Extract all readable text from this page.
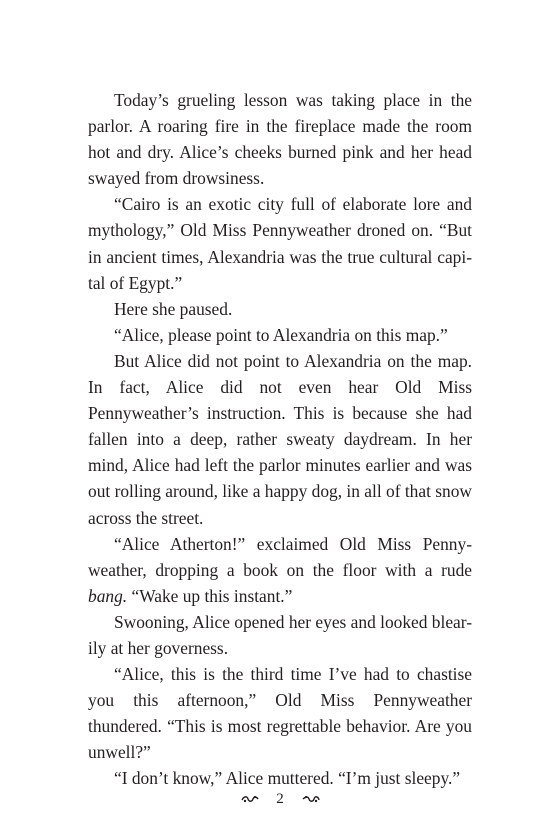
Today’s grueling lesson was taking place in the parlor. A roaring fire in the fireplace made the room hot and dry. Alice’s cheeks burned pink and her head swayed from drowsiness.

“Cairo is an exotic city full of elaborate lore and mythology,” Old Miss Pennyweather droned on. “But in ancient times, Alexandria was the true cultural capi-tal of Egypt.”

Here she paused.

“Alice, please point to Alexandria on this map.”

But Alice did not point to Alexandria on the map. In fact, Alice did not even hear Old Miss Pennyweather’s instruction. This is because she had fallen into a deep, rather sweaty daydream. In her mind, Alice had left the parlor minutes earlier and was out rolling around, like a happy dog, in all of that snow across the street.

“Alice Atherton!” exclaimed Old Miss Penny-weather, dropping a book on the floor with a rude bang. “Wake up this instant.”

Swooning, Alice opened her eyes and looked blear-ily at her governess.

“Alice, this is the third time I’ve had to chastise you this afternoon,” Old Miss Pennyweather thundered. “This is most regrettable behavior. Are you unwell?”

“I don’t know,” Alice muttered. “I’m just sleepy.”

2
